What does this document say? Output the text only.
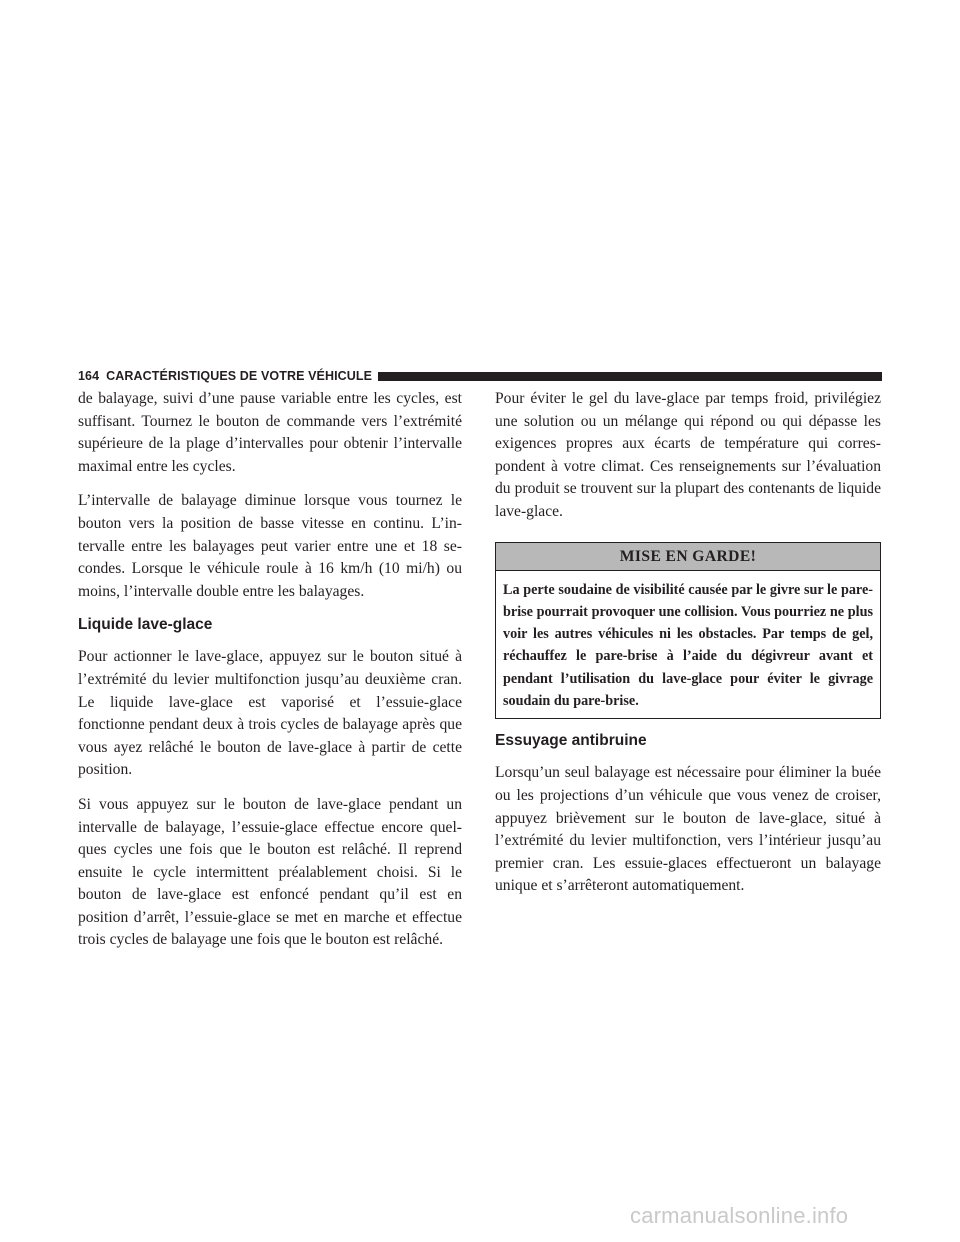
164 CARACTÉRISTIQUES DE VOTRE VÉHICULE

de balayage, suivi d’une pause variable entre les cycles, est suffisant. Tournez le bouton de commande vers l’extrémité supérieure de la plage d’intervalles pour obtenir l’intervalle maximal entre les cycles.

L’intervalle de balayage diminue lorsque vous tournez le bouton vers la position de basse vitesse en continu. L’intervalle entre les balayages peut varier entre une et 18 secondes. Lorsque le véhicule roule à 16 km/h (10 mi/h) ou moins, l’intervalle double entre les balayages.

Liquide lave-glace

Pour actionner le lave-glace, appuyez sur le bouton situé à l’extrémité du levier multifonction jusqu’au deuxième cran. Le liquide lave-glace est vaporisé et l’essuie-glace fonctionne pendant deux à trois cycles de balayage après que vous ayez relâché le bouton de lave-glace à partir de cette position.

Si vous appuyez sur le bouton de lave-glace pendant un intervalle de balayage, l’essuie-glace effectue encore quelques cycles une fois que le bouton est relâché. Il reprend ensuite le cycle intermittent préalablement choisi. Si le bouton de lave-glace est enfoncé pendant qu’il est en position d’arrêt, l’essuie-glace se met en marche et effectue trois cycles de balayage une fois que le bouton est relâché.

Pour éviter le gel du lave-glace par temps froid, privilégiez une solution ou un mélange qui répond ou qui dépasse les exigences propres aux écarts de température qui correspondent à votre climat. Ces renseignements sur l’évaluation du produit se trouvent sur la plupart des contenants de liquide lave-glace.

MISE EN GARDE!

La perte soudaine de visibilité causée par le givre sur le pare-brise pourrait provoquer une collision. Vous pourriez ne plus voir les autres véhicules ni les obstacles. Par temps de gel, réchauffez le pare-brise à l’aide du dégivreur avant et pendant l’utilisation du lave-glace pour éviter le givrage soudain du pare-brise.

Essuyage antibruine

Lorsqu’un seul balayage est nécessaire pour éliminer la buée ou les projections d’un véhicule que vous venez de croiser, appuyez brièvement sur le bouton de lave-glace, situé à l’extrémité du levier multifonction, vers l’intérieur jusqu’au premier cran. Les essuie-glaces effectueront un balayage unique et s’arrêteront automatiquement.

carmanualsonline.info
